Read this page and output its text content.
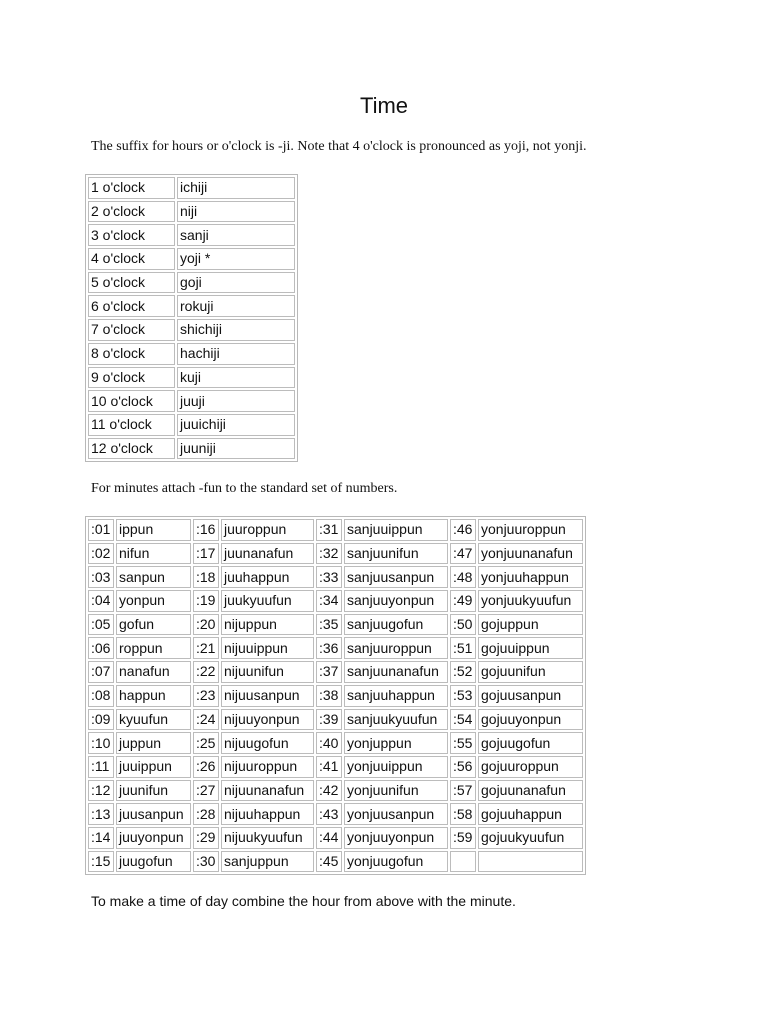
Time
The suffix for hours or o'clock is -ji. Note that 4 o'clock is pronounced as yoji, not yonji.
1 o'clock	ichiji
2 o'clock	niji
3 o'clock	sanji
4 o'clock	yoji *
5 o'clock	goji
6 o'clock	rokuji
7 o'clock	shichiji
8 o'clock	hachiji
9 o'clock	kuji
10 o'clock	juuji
11 o'clock	juuichiji
12 o'clock	juuniji
For minutes attach -fun to the standard set of numbers.
:01	ippun	:16	juuroppun	:31	sanjuuippun	:46	yonjuuroppun
:02	nifun	:17	juunanafun	:32	sanjuunifun	:47	yonjuunanafun
:03	sanpun	:18	juuhappun	:33	sanjuusanpun	:48	yonjuuhappun
:04	yonpun	:19	juukyuufun	:34	sanjuuyonpun	:49	yonjuukyuufun
:05	gofun	:20	nijuppun	:35	sanjuugofun	:50	gojuppun
:06	roppun	:21	nijuuippun	:36	sanjuuroppun	:51	gojuuippun
:07	nanafun	:22	nijuunifun	:37	sanjuunanafun	:52	gojuunifun
:08	happun	:23	nijuusanpun	:38	sanjuuhappun	:53	gojuusanpun
:09	kyuufun	:24	nijuuyonpun	:39	sanjuukyuufun	:54	gojuuyonpun
:10	juppun	:25	nijuugofun	:40	yonjuppun	:55	gojuugofun
:11	juuippun	:26	nijuuroppun	:41	yonjuuippun	:56	gojuuroppun
:12	juunifun	:27	nijuunanafun	:42	yonjuunifun	:57	gojuunanafun
:13	juusanpun	:28	nijuuhappun	:43	yonjuusanpun	:58	gojuuhappun
:14	juuyonpun	:29	nijuukyuufun	:44	yonjuuyonpun	:59	gojuukyuufun
:15	juugofun	:30	sanjuppun	:45	yonjuugofun		
To make a time of day combine the hour from above with the minute.
